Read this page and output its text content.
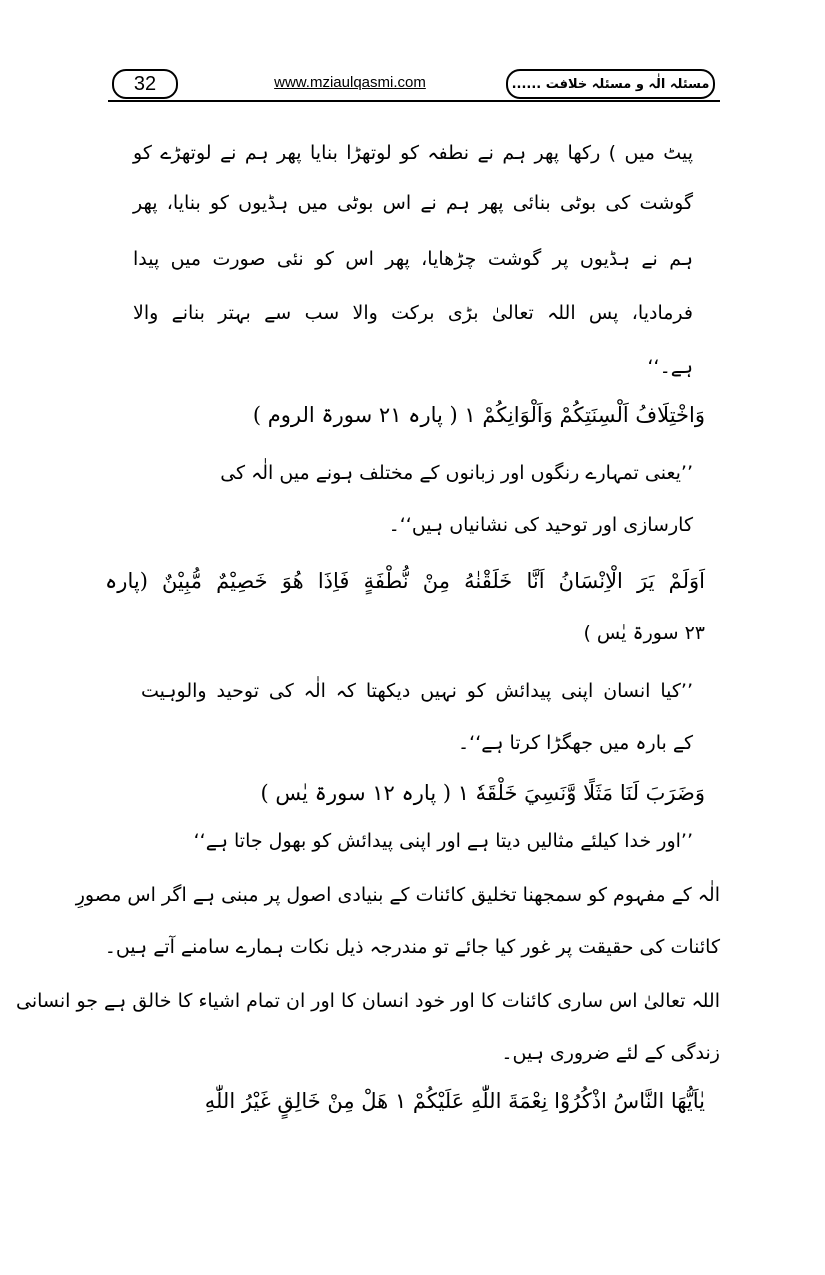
32	www.mziaulqasmi.com	مسئلہ الٰہ و مسئلہ خلافت ......
پیٹ میں ) رکھا پھر ہم نے نطفہ کو لوتھڑا بنایا پھر ہم نے لوتھڑے کو
گوشت کی بوٹی بنائی پھر ہم نے اس بوٹی میں ہڈیوں کو بنایا، پھر
ہم نے ہڈیوں پر گوشت چڑھایا، پھر اس کو نئی صورت میں پیدا
فرمادیا، پس اللہ تعالیٰ بڑی برکت والا سب سے بہتر بنانے والا
ہے۔‘‘
وَاخْتِلَافُ اَلْسِنَتِكُمْ وَاَلْوَانِكُمْ ١ ( پارہ ۲۱ سورۃ الروم )
’’یعنی تمہارے رنگوں اور زبانوں کے مختلف ہونے میں الٰہ کی
کارسازی اور توحید کی نشانیاں ہیں‘‘۔
اَوَلَمْ يَرَ الْاِنْسَانُ اَنَّا خَلَقْنٰهُ مِنْ نُّطْفَةٍ فَاِذَا هُوَ خَصِيْمٌ مُّبِيْنٌ (پارہ
۲۳ سورۃ یٰس )
’’کیا انسان اپنی پیدائش کو نہیں دیکھتا کہ الٰہ کی توحید والوہیت
کے بارہ میں جھگڑا کرتا ہے‘‘۔
وَضَرَبَ لَنَا مَثَلًا وَّنَسِيَ خَلْقَهٗ ١ ( پارہ ۱۲ سورۃ یٰس )
’’اور خدا کیلئے مثالیں دیتا ہے اور اپنی پیدائش کو بھول جاتا ہے‘‘
الٰہ کے مفہوم کو سمجھنا تخلیق کائنات کے بنیادی اصول پر مبنی ہے اگر اس مصورِ
کائنات کی حقیقت پر غور کیا جائے تو مندرجہ ذیل نکات ہمارے سامنے آتے ہیں۔
اللہ تعالیٰ اس ساری کائنات کا اور خود انسان کا اور ان تمام اشیاء کا خالق ہے جو انسانی
زندگی کے لئے ضروری ہیں۔
يٰاَيُّهَا النَّاسُ اذْكُرُوْا نِعْمَةَ اللّٰهِ عَلَيْكُمْ ١ هَلْ مِنْ خَالِقٍ غَيْرُ اللّٰهِ
